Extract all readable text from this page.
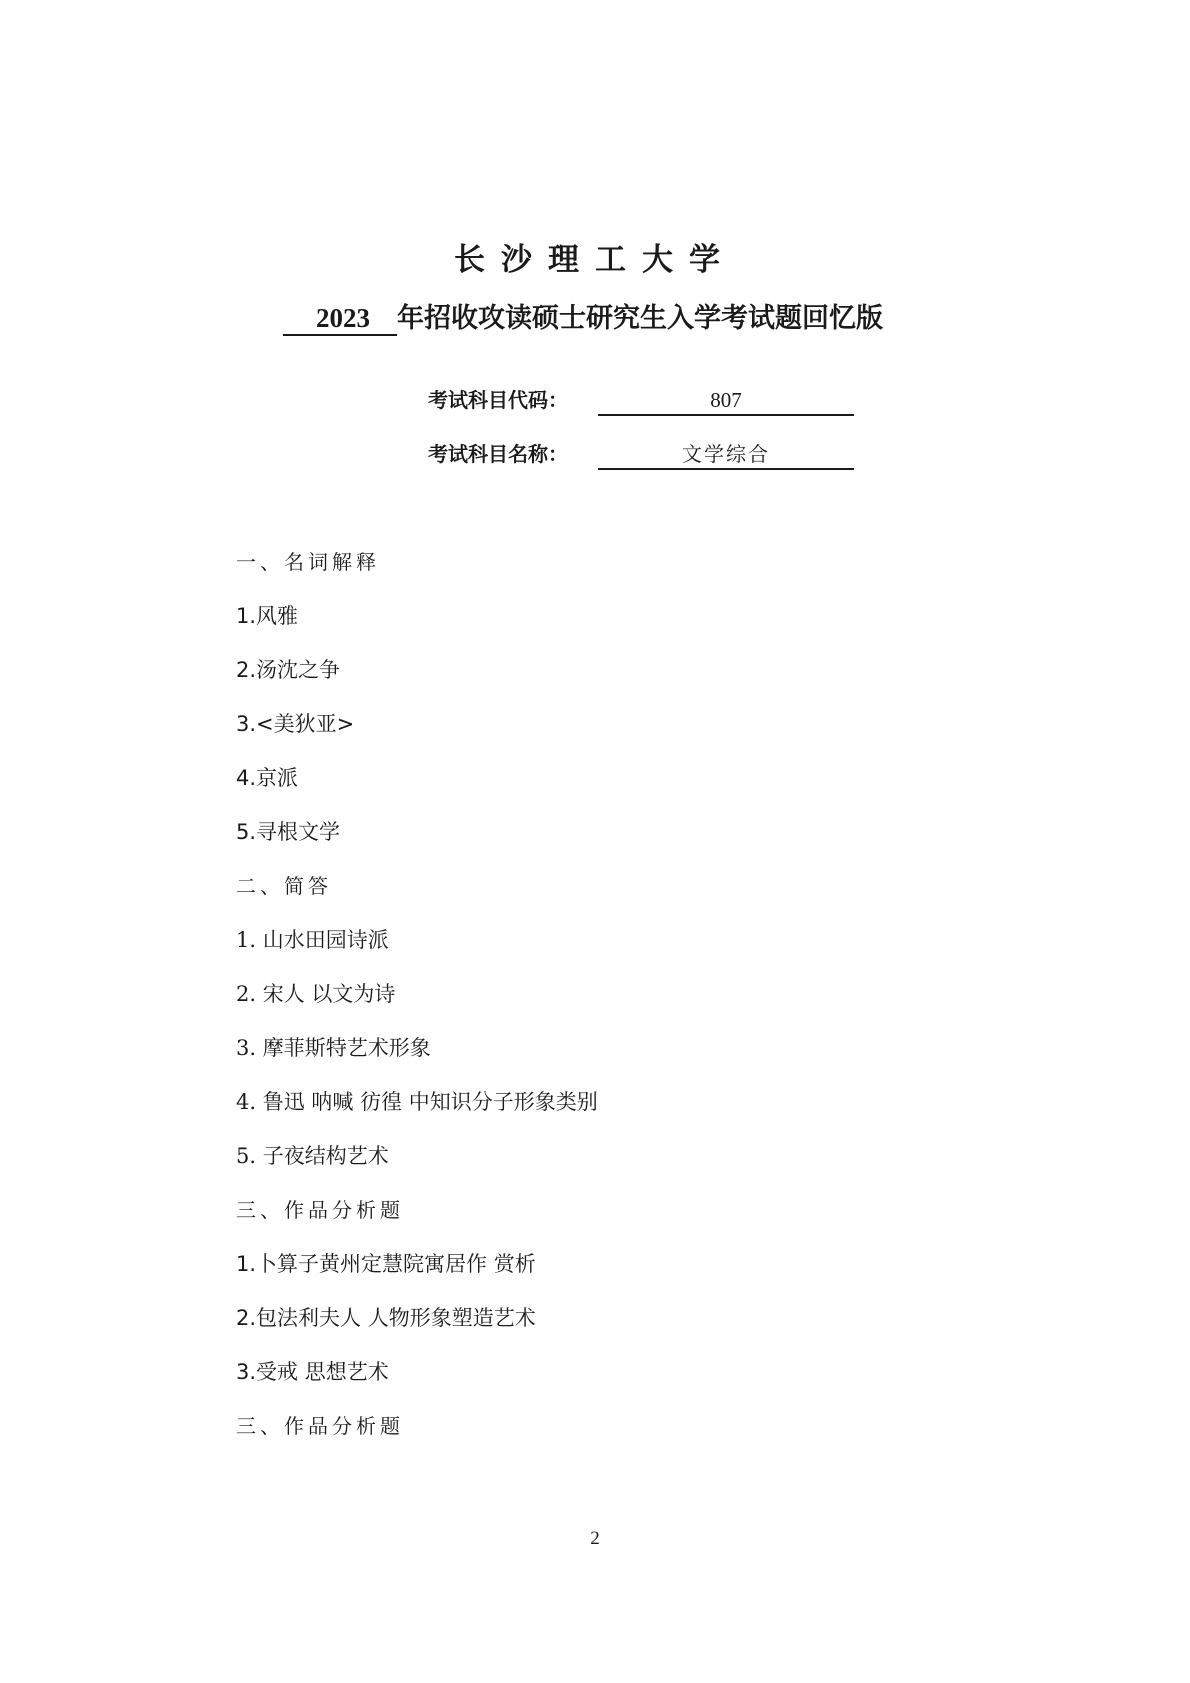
长沙理工大学
2023 年招收攻读硕士研究生入学考试题回忆版
考试科目代码：	807
考试科目名称：	文学综合
一、名词解释
1.风雅
2.汤沈之争
3.<美狄亚>
4.京派
5.寻根文学
二、简答
1. 山水田园诗派
2. 宋人 以文为诗
3. 摩菲斯特艺术形象
4. 鲁迅 呐喊 彷徨 中知识分子形象类别
5. 子夜结构艺术
三、作品分析题
1.卜算子黄州定慧院寓居作 赏析
2.包法利夫人 人物形象塑造艺术
3.受戒 思想艺术
三、作品分析题
2
